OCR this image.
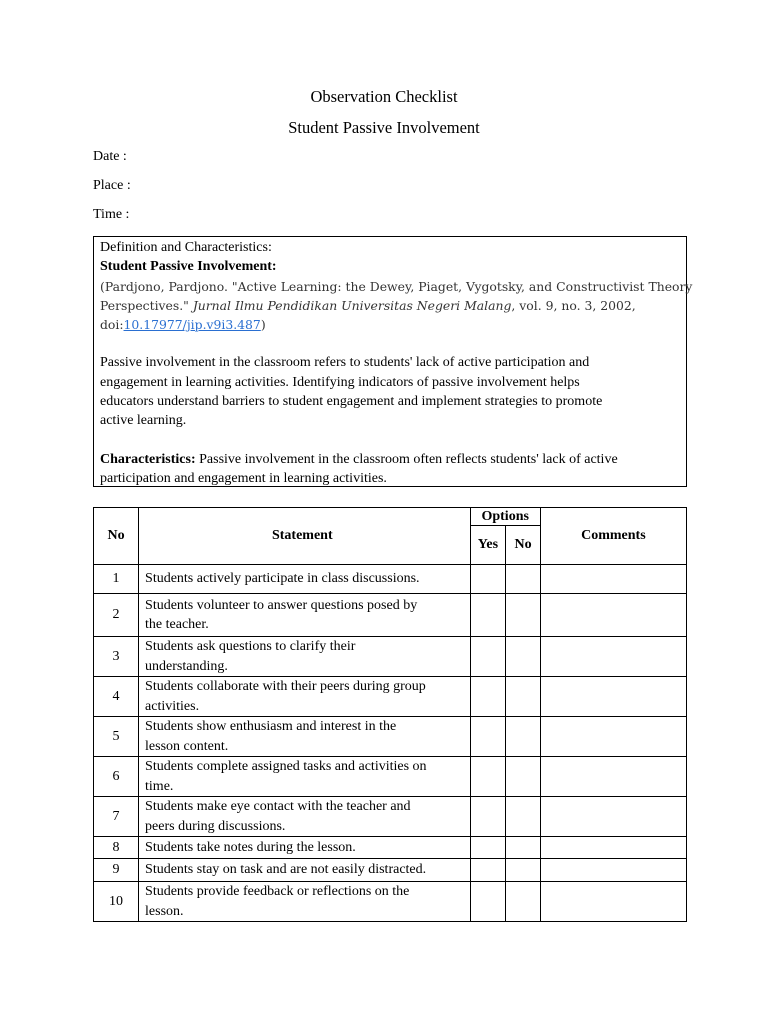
Observation Checklist
Student Passive Involvement
Date :
Place :
Time :
Definition and Characteristics:
Student Passive Involvement:
(Pardjono, Pardjono. "Active Learning: the Dewey, Piaget, Vygotsky, and Constructivist Theory
Perspectives." Jurnal Ilmu Pendidikan Universitas Negeri Malang, vol. 9, no. 3, 2002,
doi:10.17977/jip.v9i3.487)
Passive involvement in the classroom refers to students' lack of active participation and
engagement in learning activities. Identifying indicators of passive involvement helps
educators understand barriers to student engagement and implement strategies to promote
active learning.
Characteristics: Passive involvement in the classroom often reflects students' lack of active
participation and engagement in learning activities.
No	Statement	Options		Comments
		Yes	No	
1	Students actively participate in class discussions.			

2	Students volunteer to answer questions posed by
the teacher.			

3	Students ask questions to clarify their
understanding.			

4	Students collaborate with their peers during group
activities.			

5	Students show enthusiasm and interest in the
lesson content.			

6	Students complete assigned tasks and activities on
time.			

7	Students make eye contact with the teacher and
peers during discussions.			

8	Students take notes during the lesson.			

9	Students stay on task and are not easily distracted.			

10	Students provide feedback or reflections on the
lesson.			
